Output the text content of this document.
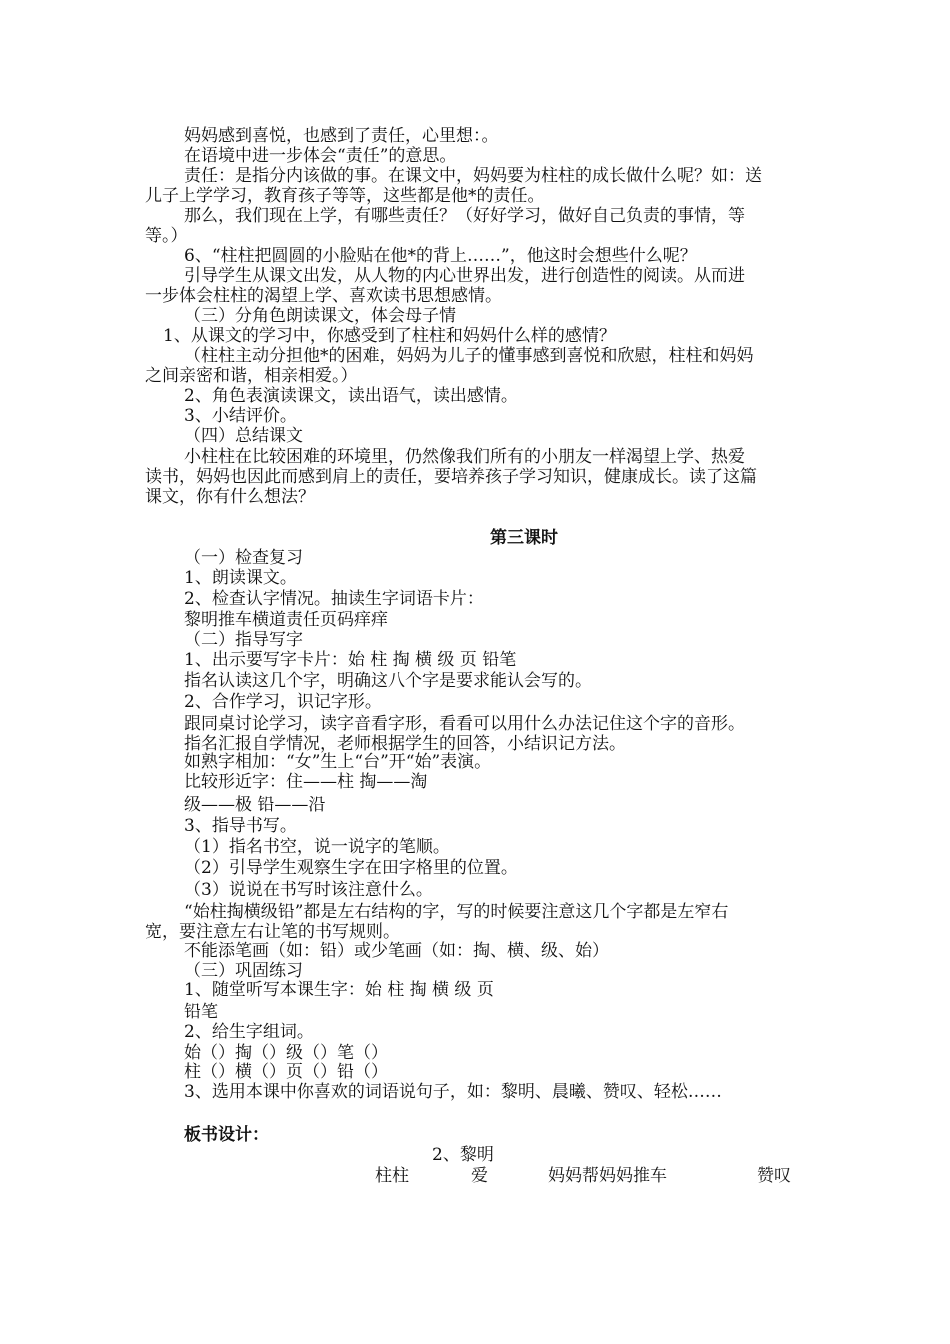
妈妈感到喜悦，也感到了责任，心里想：。

在语境中进一步体会“责任”的意思。

责任：是指分内该做的事。在课文中，妈妈要为柱柱的成长做什么呢？如：送

儿子上学学习，教育孩子等等，这些都是他*的责任。

那么，我们现在上学，有哪些责任？（好好学习，做好自己负责的事情，等

等。）

6、“柱柱把圆圆的小脸贴在他*的背上……”，他这时会想些什么呢？

引导学生从课文出发，从人物的内心世界出发，进行创造性的阅读。从而进

一步体会柱柱的渴望上学、喜欢读书思想感情。

（三）分角色朗读课文，体会母子情

1、从课文的学习中，你感受到了柱柱和妈妈什么样的感情？

（柱柱主动分担他*的困难，妈妈为儿子的懂事感到喜悦和欣慰，柱柱和妈妈

之间亲密和谐，相亲相爱。）

2、角色表演读课文，读出语气，读出感情。

3、小结评价。

（四）总结课文

小柱柱在比较困难的环境里，仍然像我们所有的小朋友一样渴望上学、热爱

读书，妈妈也因此而感到肩上的责任，要培养孩子学习知识，健康成长。读了这篇

课文，你有什么想法？

第三课时

（一）检查复习

1、朗读课文。

2、检查认字情况。抽读生字词语卡片：

黎明推车横道责任页码痒痒

（二）指导写字

1、出示要写字卡片：始 柱 掏 横 级 页 铅笔

指名认读这几个字，明确这八个字是要求能认会写的。

2、合作学习，识记字形。

跟同桌讨论学习，读字音看字形，看看可以用什么办法记住这个字的音形。

指名汇报自学情况，老师根据学生的回答，小结识记方法。

如熟字相加：“女”生上“台”开“始”表演。

比较形近字：住——柱 掏——淘

级——极 铅——沿

3、指导书写。

（1）指名书空，说一说字的笔顺。

（2）引导学生观察生字在田字格里的位置。

（3）说说在书写时该注意什么。

“始柱掏横级铅”都是左右结构的字，写的时候要注意这几个字都是左窄右

宽，要注意左右让笔的书写规则。

不能添笔画（如：铅）或少笔画（如：掏、横、级、始）

（三）巩固练习

1、随堂听写本课生字：始 柱 掏 横 级 页

铅笔

2、给生字组词。

始（）掏（）级（）笔（）

柱（）横（）页（）铅（）

3、选用本课中你喜欢的词语说句子，如：黎明、晨曦、赞叹、轻松……

板书设计：

2、黎明

柱柱	爱	妈妈帮妈妈推车	赞叹
